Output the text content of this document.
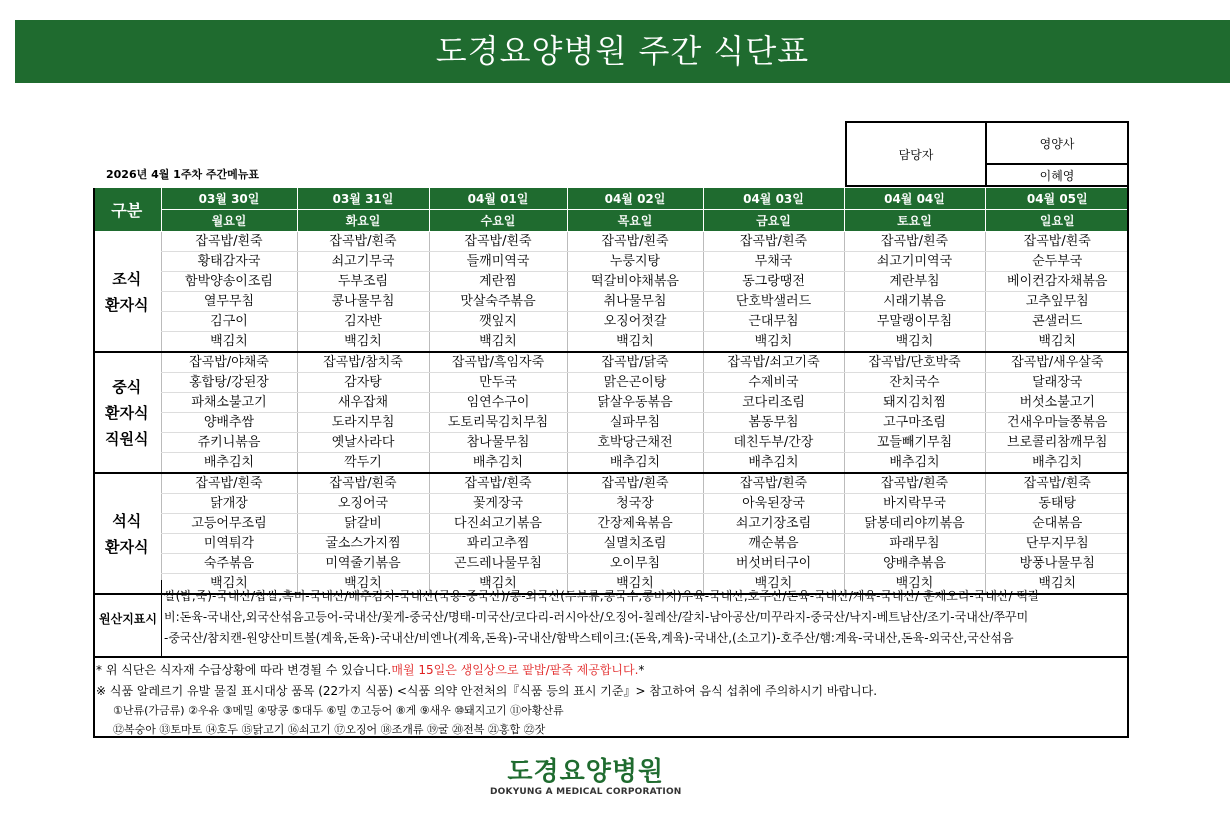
도경요양병원 주간 식단표
담당자	영양사
이혜영
2026년 4월 1주차 주간메뉴표
구분	03월 30일	03월 31일	04월 01일	04월 02일	04월 03일	04월 04일	04월 05일
	월요일	화요일	수요일	목요일	금요일	토요일	일요일

조식
환자식	잡곡밥/흰죽	잡곡밥/흰죽	잡곡밥/흰죽	잡곡밥/흰죽	잡곡밥/흰죽	잡곡밥/흰죽	잡곡밥/흰죽
	황태감자국	쇠고기무국	들깨미역국	누룽지탕	무채국	쇠고기미역국	순두부국
	함박양송이조림	두부조림	계란찜	떡갈비야채볶음	동그랑땡전	계란부침	베이컨감자채볶음
	열무무침	콩나물무침	맛살숙주볶음	취나물무침	단호박샐러드	시래기볶음	고추잎무침
	김구이	김자반	깻잎지	오징어젓갈	근대무침	무말랭이무침	콘샐러드
	백김치	백김치	백김치	백김치	백김치	백김치	백김치

중식
환자식
직원식	잡곡밥/야채죽	잡곡밥/참치죽	잡곡밥/흑임자죽	잡곡밥/닭죽	잡곡밥/쇠고기죽	잡곡밥/단호박죽	잡곡밥/새우살죽
	홍합탕/강된장	감자탕	만두국	맑은곤이탕	수제비국	잔치국수	달래장국
	파채소불고기	새우잡채	임연수구이	닭살우동볶음	코다리조림	돼지김치찜	버섯소불고기
	양배추쌈	도라지무침	도토리묵김치무침	실파무침	봄동무침	고구마조림	건새우마늘쫑볶음
	쥬키니볶음	옛날사라다	참나물무침	호박당근채전	데친두부/간장	꼬들빼기무침	브로콜리참깨무침
	배추김치	깍두기	배추김치	배추김치	배추김치	배추김치	배추김치

석식
환자식	잡곡밥/흰죽	잡곡밥/흰죽	잡곡밥/흰죽	잡곡밥/흰죽	잡곡밥/흰죽	잡곡밥/흰죽	잡곡밥/흰죽
	닭개장	오징어국	꽃게장국	청국장	아욱된장국	바지락무국	동태탕
	고등어무조림	닭갈비	다진쇠고기볶음	간장제육볶음	쇠고기장조림	닭봉데리야끼볶음	순대볶음
	미역튀각	굴소스가지찜	꽈리고추찜	실멸치조림	깨순볶음	파래무침	단무지무침
	숙주볶음	미역줄기볶음	곤드레나물무침	오이무침	버섯버터구이	양배추볶음	방풍나물무침
	백김치	백김치	백김치	백김치	백김치	백김치	백김치
원산지표시
쌀(밥,죽)-국내산/찹쌀,흑미-국내산/배추김치-국내산(국용-중국산)/콩-외국산(두부류,콩국수,콩비지)우육-국내산,호주산/돈육-국내산/계육-국내산/ 훈제오리-국내산/ 떡갈
비:돈육-국내산,외국산섞음고등어-국내산/꽃게-중국산/명태-미국산/코다리-러시아산/오징어-칠레산/갈치-남아공산/미꾸라지-중국산/낙지-베트남산/조기-국내산/쭈꾸미
-중국산/참치캔-원양산미트볼(계육,돈육)-국내산/비엔나(계육,돈육)-국내산/함박스테이크:(돈육,계육)-국내산,(소고기)-호주산/햄:계육-국내산,돈육-외국산,국산섞음
* 위 식단은 식자재 수급상황에 따라 변경될 수 있습니다.매월 15일은 생일상으로 팥밥/팥죽 제공합니다.*
※ 식품 알레르기 유발 물질 표시대상 품목 (22가지 식품) <식품 의약 안전처의『식품 등의 표시 기준』> 참고하여 음식 섭취에 주의하시기 바랍니다.
①난류(가금류) ②우유 ③메밀 ④땅콩 ⑤대두 ⑥밀 ⑦고등어 ⑧게 ⑨새우 ⑩돼지고기 ⑪아황산류
⑫복숭아 ⑬토마토 ⑭호두 ⑮닭고기 ⑯쇠고기 ⑰오징어 ⑱조개류 ⑲굴 ⑳전복 ㉑홍합 ㉒잣
도경요양병원
DOKYUNG A MEDICAL CORPORATION
